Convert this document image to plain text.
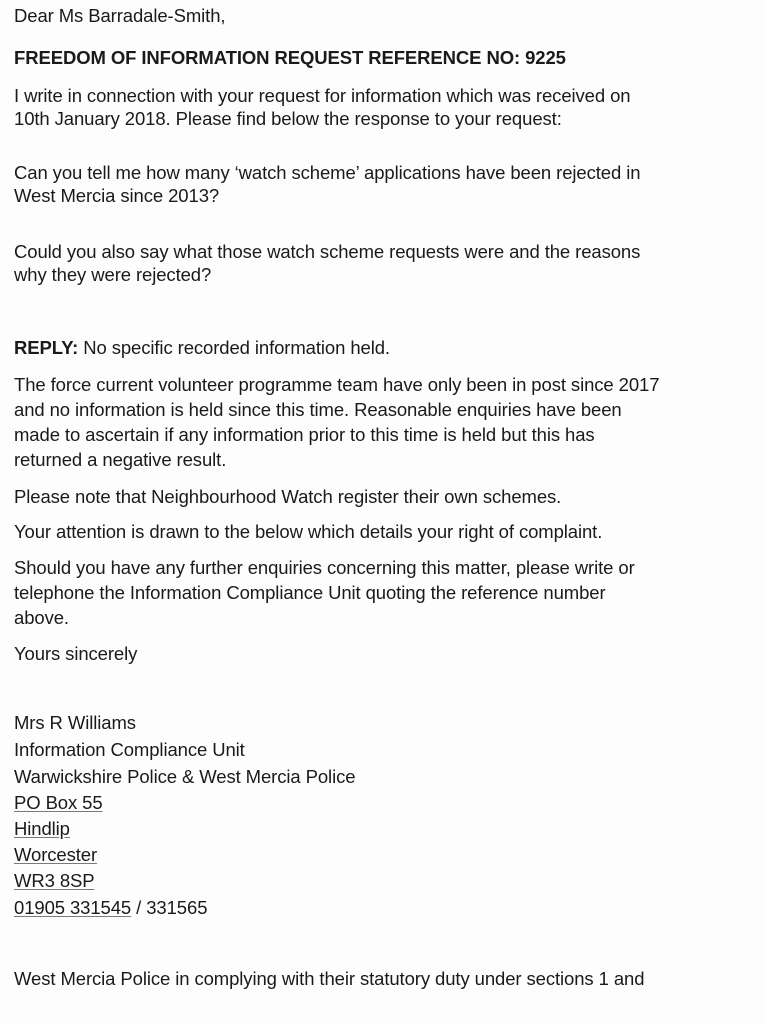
Dear Ms Barradale-Smith,
FREEDOM OF INFORMATION REQUEST REFERENCE NO: 9225
I write in connection with your request for information which was received on
10th January 2018. Please find below the response to your request:
Can you tell me how many ‘watch scheme’ applications have been rejected in
West Mercia since 2013?
Could you also say what those watch scheme requests were and the reasons
why they were rejected?
REPLY: No specific recorded information held.
The force current volunteer programme team have only been in post since 2017
and no information is held since this time. Reasonable enquiries have been
made to ascertain if any information prior to this time is held but this has
returned a negative result.
Please note that Neighbourhood Watch register their own schemes.
Your attention is drawn to the below which details your right of complaint.
Should you have any further enquiries concerning this matter, please write or
telephone the Information Compliance Unit quoting the reference number
above.
Yours sincerely
Mrs R Williams
Information Compliance Unit
Warwickshire Police & West Mercia Police
PO Box 55
Hindlip
Worcester
WR3 8SP
01905 331545 / 331565
West Mercia Police in complying with their statutory duty under sections 1 and
